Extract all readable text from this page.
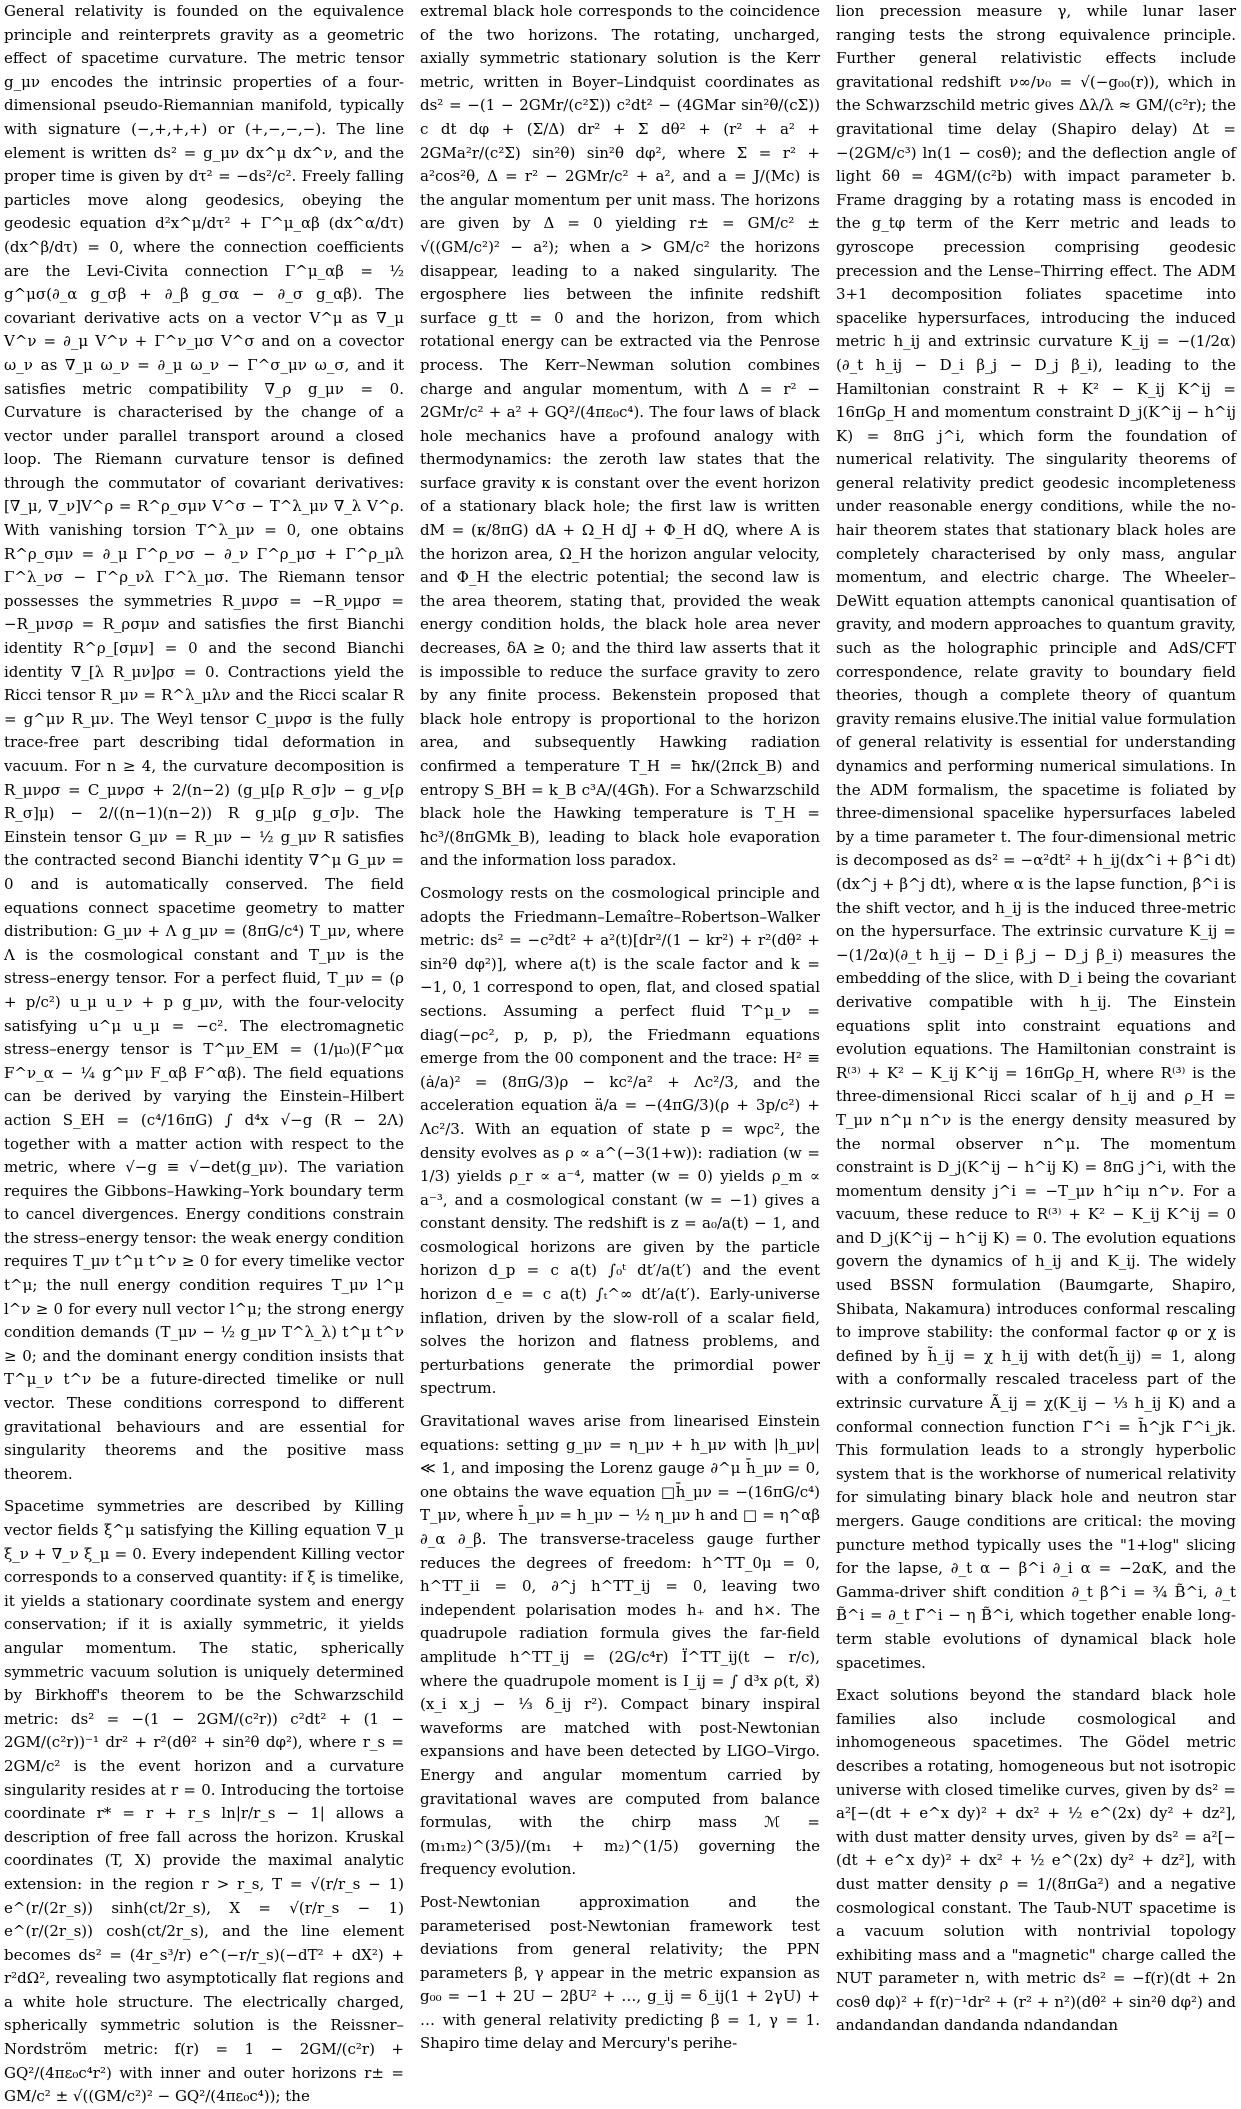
General relativity is founded on the equivalence principle and reinterprets gravity as a geometric effect of spacetime curvature. The metric tensor g_μν encodes the intrinsic properties of a four-dimensional pseudo-Riemannian manifold, typically with signature (−,+,+,+) or (+,−,−,−). The line element is written ds² = g_μν dx^μ dx^ν, and the proper time is given by dτ² = −ds²/c². Freely falling particles move along geodesics, obeying the geodesic equation d²x^μ/dτ² + Γ^μ_αβ (dx^α/dτ)(dx^β/dτ) = 0, where the connection coefficients are the Levi-Civita connection Γ^μ_αβ = ½ g^μσ(∂_α g_σβ + ∂_β g_σα − ∂_σ g_αβ). The covariant derivative acts on a vector V^μ as ∇_μ V^ν = ∂_μ V^ν + Γ^ν_μσ V^σ and on a covector ω_ν as ∇_μ ω_ν = ∂_μ ω_ν − Γ^σ_μν ω_σ, and it satisfies metric compatibility ∇_ρ g_μν = 0. Curvature is characterised by the change of a vector under parallel transport around a closed loop. The Riemann curvature tensor is defined through the commutator of covariant derivatives: [∇_μ, ∇_ν]V^ρ = R^ρ_σμν V^σ − T^λ_μν ∇_λ V^ρ. With vanishing torsion T^λ_μν = 0, one obtains R^ρ_σμν = ∂_μ Γ^ρ_νσ − ∂_ν Γ^ρ_μσ + Γ^ρ_μλ Γ^λ_νσ − Γ^ρ_νλ Γ^λ_μσ. The Riemann tensor possesses the symmetries R_μνρσ = −R_νμρσ = −R_μνσρ = R_ρσμν and satisfies the first Bianchi identity R^ρ_[σμν] = 0 and the second Bianchi identity ∇_[λ R_μν]ρσ = 0. Contractions yield the Ricci tensor R_μν = R^λ_μλν and the Ricci scalar R = g^μν R_μν. The Weyl tensor C_μνρσ is the fully trace-free part describing tidal deformation in vacuum. For n ≥ 4, the curvature decomposition is R_μνρσ = C_μνρσ + 2/(n−2) (g_μ[ρ R_σ]ν − g_ν[ρ R_σ]μ) − 2/((n−1)(n−2)) R g_μ[ρ g_σ]ν. The Einstein tensor G_μν = R_μν − ½ g_μν R satisfies the contracted second Bianchi identity ∇^μ G_μν = 0 and is automatically conserved. The field equations connect spacetime geometry to matter distribution: G_μν + Λ g_μν = (8πG/c⁴) T_μν, where Λ is the cosmological constant and T_μν is the stress–energy tensor. For a perfect fluid, T_μν = (ρ + p/c²) u_μ u_ν + p g_μν, with the four-velocity satisfying u^μ u_μ = −c². The electromagnetic stress–energy tensor is T^μν_EM = (1/μ₀)(F^μα F^ν_α − ¼ g^μν F_αβ F^αβ). The field equations can be derived by varying the Einstein–Hilbert action S_EH = (c⁴/16πG) ∫ d⁴x √−g (R − 2Λ) together with a matter action with respect to the metric, where √−g ≡ √−det(g_μν). The variation requires the Gibbons–Hawking–York boundary term to cancel divergences. Energy conditions constrain the stress–energy tensor: the weak energy condition requires T_μν t^μ t^ν ≥ 0 for every timelike vector t^μ; the null energy condition requires T_μν l^μ l^ν ≥ 0 for every null vector l^μ; the strong energy condition demands (T_μν − ½ g_μν T^λ_λ) t^μ t^ν ≥ 0; and the dominant energy condition insists that T^μ_ν t^ν be a future-directed timelike or null vector. These conditions correspond to different gravitational behaviours and are essential for singularity theorems and the positive mass theorem.

Spacetime symmetries are described by Killing vector fields ξ^μ satisfying the Killing equation ∇_μ ξ_ν + ∇_ν ξ_μ = 0. Every independent Killing vector corresponds to a conserved quantity: if ξ is timelike, it yields a stationary coordinate system and energy conservation; if it is axially symmetric, it yields angular momentum. The static, spherically symmetric vacuum solution is uniquely determined by Birkhoff's theorem to be the Schwarzschild metric: ds² = −(1 − 2GM/(c²r)) c²dt² + (1 − 2GM/(c²r))⁻¹ dr² + r²(dθ² + sin²θ dφ²), where r_s = 2GM/c² is the event horizon and a curvature singularity resides at r = 0. Introducing the tortoise coordinate r* = r + r_s ln|r/r_s − 1| allows a description of free fall across the horizon. Kruskal coordinates (T, X) provide the maximal analytic extension: in the region r > r_s, T = √(r/r_s − 1) e^(r/(2r_s)) sinh(ct/2r_s), X = √(r/r_s − 1) e^(r/(2r_s)) cosh(ct/2r_s), and the line element becomes ds² = (4r_s³/r) e^(−r/r_s)(−dT² + dX²) + r²dΩ², revealing two asymptotically flat regions and a white hole structure. The electrically charged, spherically symmetric solution is the Reissner–Nordström metric: f(r) = 1 − 2GM/(c²r) + GQ²/(4πε₀c⁴r²) with inner and outer horizons r± = GM/c² ± √((GM/c²)² − GQ²/(4πε₀c⁴)); the

extremal black hole corresponds to the coincidence of the two horizons. The rotating, uncharged, axially symmetric stationary solution is the Kerr metric, written in Boyer–Lindquist coordinates as ds² = −(1 − 2GMr/(c²Σ)) c²dt² − (4GMar sin²θ/(cΣ)) c dt dφ + (Σ/Δ) dr² + Σ dθ² + (r² + a² + 2GMa²r/(c²Σ) sin²θ) sin²θ dφ², where Σ = r² + a²cos²θ, Δ = r² − 2GMr/c² + a², and a = J/(Mc) is the angular momentum per unit mass. The horizons are given by Δ = 0 yielding r± = GM/c² ± √((GM/c²)² − a²); when a > GM/c² the horizons disappear, leading to a naked singularity. The ergosphere lies between the infinite redshift surface g_tt = 0 and the horizon, from which rotational energy can be extracted via the Penrose process. The Kerr–Newman solution combines charge and angular momentum, with Δ = r² − 2GMr/c² + a² + GQ²/(4πε₀c⁴). The four laws of black hole mechanics have a profound analogy with thermodynamics: the zeroth law states that the surface gravity κ is constant over the event horizon of a stationary black hole; the first law is written dM = (κ/8πG) dA + Ω_H dJ + Φ_H dQ, where A is the horizon area, Ω_H the horizon angular velocity, and Φ_H the electric potential; the second law is the area theorem, stating that, provided the weak energy condition holds, the black hole area never decreases, δA ≥ 0; and the third law asserts that it is impossible to reduce the surface gravity to zero by any finite process. Bekenstein proposed that black hole entropy is proportional to the horizon area, and subsequently Hawking radiation confirmed a temperature T_H = ħκ/(2πck_B) and entropy S_BH = k_B c³A/(4Għ). For a Schwarzschild black hole the Hawking temperature is T_H = ħc³/(8πGMk_B), leading to black hole evaporation and the information loss paradox.

Cosmology rests on the cosmological principle and adopts the Friedmann–Lemaître–Robertson–Walker metric: ds² = −c²dt² + a²(t)[dr²/(1 − kr²) + r²(dθ² + sin²θ dφ²)], where a(t) is the scale factor and k = −1, 0, 1 correspond to open, flat, and closed spatial sections. Assuming a perfect fluid T^μ_ν = diag(−ρc², p, p, p), the Friedmann equations emerge from the 00 component and the trace: H² ≡ (ȧ/a)² = (8πG/3)ρ − kc²/a² + Λc²/3, and the acceleration equation ä/a = −(4πG/3)(ρ + 3p/c²) + Λc²/3. With an equation of state p = wρc², the density evolves as ρ ∝ a^(−3(1+w)): radiation (w = 1/3) yields ρ_r ∝ a⁻⁴, matter (w = 0) yields ρ_m ∝ a⁻³, and a cosmological constant (w = −1) gives a constant density. The redshift is z = a₀/a(t) − 1, and cosmological horizons are given by the particle horizon d_p = c a(t) ∫₀ᵗ dt′/a(t′) and the event horizon d_e = c a(t) ∫ₜ^∞ dt′/a(t′). Early-universe inflation, driven by the slow-roll of a scalar field, solves the horizon and flatness problems, and perturbations generate the primordial power spectrum.

Gravitational waves arise from linearised Einstein equations: setting g_μν = η_μν + h_μν with |h_μν| ≪ 1, and imposing the Lorenz gauge ∂^μ h̄_μν = 0, one obtains the wave equation □h̄_μν = −(16πG/c⁴) T_μν, where h̄_μν = h_μν − ½ η_μν h and □ = η^αβ ∂_α ∂_β. The transverse-traceless gauge further reduces the degrees of freedom: h^TT_0μ = 0, h^TT_ii = 0, ∂^j h^TT_ij = 0, leaving two independent polarisation modes h₊ and h×. The quadrupole radiation formula gives the far-field amplitude h^TT_ij = (2G/c⁴r) Ï^TT_ij(t − r/c), where the quadrupole moment is I_ij = ∫ d³x ρ(t, x⃗)(x_i x_j − ⅓ δ_ij r²). Compact binary inspiral waveforms are matched with post-Newtonian expansions and have been detected by LIGO–Virgo. Energy and angular momentum carried by gravitational waves are computed from balance formulas, with the chirp mass ℳ = (m₁m₂)^(3/5)/(m₁ + m₂)^(1/5) governing the frequency evolution.

Post-Newtonian approximation and the parameterised post-Newtonian framework test deviations from general relativity; the PPN parameters β, γ appear in the metric expansion as g₀₀ = −1 + 2U − 2βU² + …, g_ij = δ_ij(1 + 2γU) + … with general relativity predicting β = 1, γ = 1. Shapiro time delay and Mercury's perihe-

lion precession measure γ, while lunar laser ranging tests the strong equivalence principle. Further general relativistic effects include gravitational redshift ν∞/ν₀ = √(−g₀₀(r)), which in the Schwarzschild metric gives Δλ/λ ≈ GM/(c²r); the gravitational time delay (Shapiro delay) Δt = −(2GM/c³) ln(1 − cosθ); and the deflection angle of light δθ = 4GM/(c²b) with impact parameter b. Frame dragging by a rotating mass is encoded in the g_tφ term of the Kerr metric and leads to gyroscope precession comprising geodesic precession and the Lense–Thirring effect. The ADM 3+1 decomposition foliates spacetime into spacelike hypersurfaces, introducing the induced metric h_ij and extrinsic curvature K_ij = −(1/2α)(∂_t h_ij − D_i β_j − D_j β_i), leading to the Hamiltonian constraint R + K² − K_ij K^ij = 16πGρ_H and momentum constraint D_j(K^ij − h^ij K) = 8πG j^i, which form the foundation of numerical relativity. The singularity theorems of general relativity predict geodesic incompleteness under reasonable energy conditions, while the no-hair theorem states that stationary black holes are completely characterised by only mass, angular momentum, and electric charge. The Wheeler–DeWitt equation attempts canonical quantisation of gravity, and modern approaches to quantum gravity, such as the holographic principle and AdS/CFT correspondence, relate gravity to boundary field theories, though a complete theory of quantum gravity remains elusive.The initial value formulation of general relativity is essential for understanding dynamics and performing numerical simulations. In the ADM formalism, the spacetime is foliated by three-dimensional spacelike hypersurfaces labeled by a time parameter t. The four-dimensional metric is decomposed as ds² = −α²dt² + h_ij(dx^i + β^i dt)(dx^j + β^j dt), where α is the lapse function, β^i is the shift vector, and h_ij is the induced three-metric on the hypersurface. The extrinsic curvature K_ij = −(1/2α)(∂_t h_ij − D_i β_j − D_j β_i) measures the embedding of the slice, with D_i being the covariant derivative compatible with h_ij. The Einstein equations split into constraint equations and evolution equations. The Hamiltonian constraint is R⁽³⁾ + K² − K_ij K^ij = 16πGρ_H, where R⁽³⁾ is the three-dimensional Ricci scalar of h_ij and ρ_H = T_μν n^μ n^ν is the energy density measured by the normal observer n^μ. The momentum constraint is D_j(K^ij − h^ij K) = 8πG j^i, with the momentum density j^i = −T_μν h^iμ n^ν. For a vacuum, these reduce to R⁽³⁾ + K² − K_ij K^ij = 0 and D_j(K^ij − h^ij K) = 0. The evolution equations govern the dynamics of h_ij and K_ij. The widely used BSSN formulation (Baumgarte, Shapiro, Shibata, Nakamura) introduces conformal rescaling to improve stability: the conformal factor φ or χ is defined by h̃_ij = χ h_ij with det(h̃_ij) = 1, along with a conformally rescaled traceless part of the extrinsic curvature Ã_ij = χ(K_ij − ⅓ h_ij K) and a conformal connection function Γ̃^i = h̃^jk Γ̃^i_jk. This formulation leads to a strongly hyperbolic system that is the workhorse of numerical relativity for simulating binary black hole and neutron star mergers. Gauge conditions are critical: the moving puncture method typically uses the "1+log" slicing for the lapse, ∂_t α − β^i ∂_i α = −2αK, and the Gamma-driver shift condition ∂_t β^i = ¾ B̃^i, ∂_t B̃^i = ∂_t Γ̃^i − η B̃^i, which together enable long-term stable evolutions of dynamical black hole spacetimes.

Exact solutions beyond the standard black hole families also include cosmological and inhomogeneous spacetimes. The Gödel metric describes a rotating, homogeneous but not isotropic universe with closed timelike curves, given by ds² = a²[−(dt + e^x dy)² + dx² + ½ e^(2x) dy² + dz²], with dust matter density urves, given by ds² = a²[−(dt + e^x dy)² + dx² + ½ e^(2x) dy² + dz²], with dust matter density ρ = 1/(8πGa²) and a negative cosmological constant. The Taub-NUT spacetime is a vacuum solution with nontrivial topology exhibiting mass and a "magnetic" charge called the NUT parameter n, with metric ds² = −f(r)(dt + 2n cosθ dφ)² + f(r)⁻¹dr² + (r² + n²)(dθ² + sin²θ dφ²) and andandandan dandanda ndandandan
